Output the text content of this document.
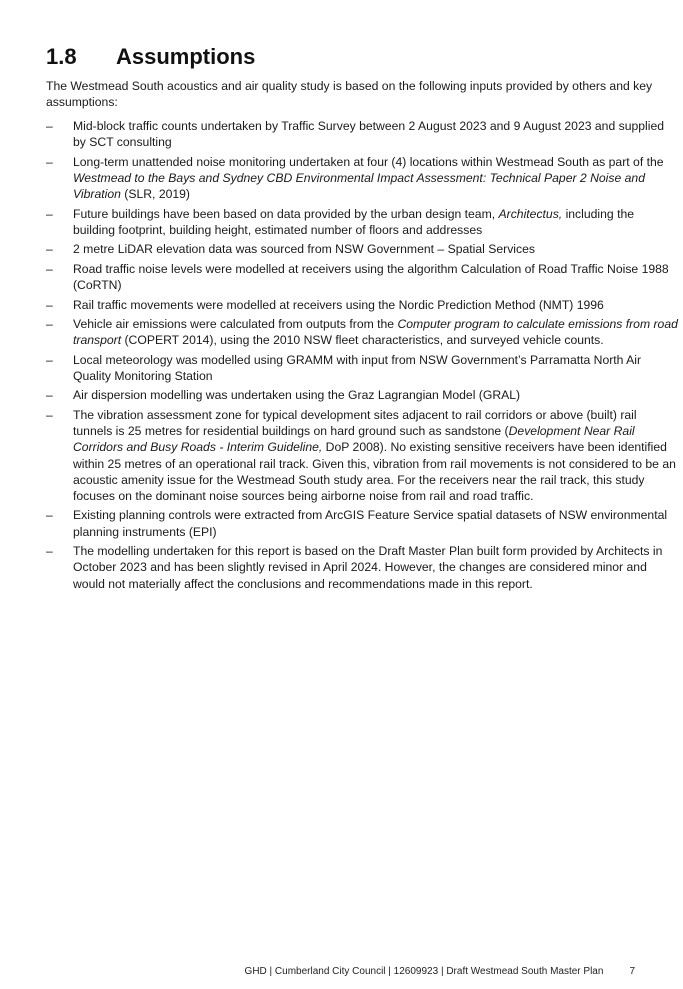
1.8 Assumptions

The Westmead South acoustics and air quality study is based on the following inputs provided by others and key assumptions:

– Mid-block traffic counts undertaken by Traffic Survey between 2 August 2023 and 9 August 2023 and supplied by SCT consulting
– Long-term unattended noise monitoring undertaken at four (4) locations within Westmead South as part of the Westmead to the Bays and Sydney CBD Environmental Impact Assessment: Technical Paper 2 Noise and Vibration (SLR, 2019)
– Future buildings have been based on data provided by the urban design team, Architectus, including the building footprint, building height, estimated number of floors and addresses
– 2 metre LiDAR elevation data was sourced from NSW Government – Spatial Services
– Road traffic noise levels were modelled at receivers using the algorithm Calculation of Road Traffic Noise 1988 (CoRTN)
– Rail traffic movements were modelled at receivers using the Nordic Prediction Method (NMT) 1996
– Vehicle air emissions were calculated from outputs from the Computer program to calculate emissions from road transport (COPERT 2014), using the 2010 NSW fleet characteristics, and surveyed vehicle counts.
– Local meteorology was modelled using GRAMM with input from NSW Government’s Parramatta North Air Quality Monitoring Station
– Air dispersion modelling was undertaken using the Graz Lagrangian Model (GRAL)
– The vibration assessment zone for typical development sites adjacent to rail corridors or above (built) rail tunnels is 25 metres for residential buildings on hard ground such as sandstone (Development Near Rail Corridors and Busy Roads - Interim Guideline, DoP 2008). No existing sensitive receivers have been identified within 25 metres of an operational rail track. Given this, vibration from rail movements is not considered to be an acoustic amenity issue for the Westmead South study area. For the receivers near the rail track, this study focuses on the dominant noise sources being airborne noise from rail and road traffic.
– Existing planning controls were extracted from ArcGIS Feature Service spatial datasets of NSW environmental planning instruments (EPI)
– The modelling undertaken for this report is based on the Draft Master Plan built form provided by Architects in October 2023 and has been slightly revised in April 2024. However, the changes are considered minor and would not materially affect the conclusions and recommendations made in this report.
GHD | Cumberland City Council | 12609923 | Draft Westmead South Master Plan	7
